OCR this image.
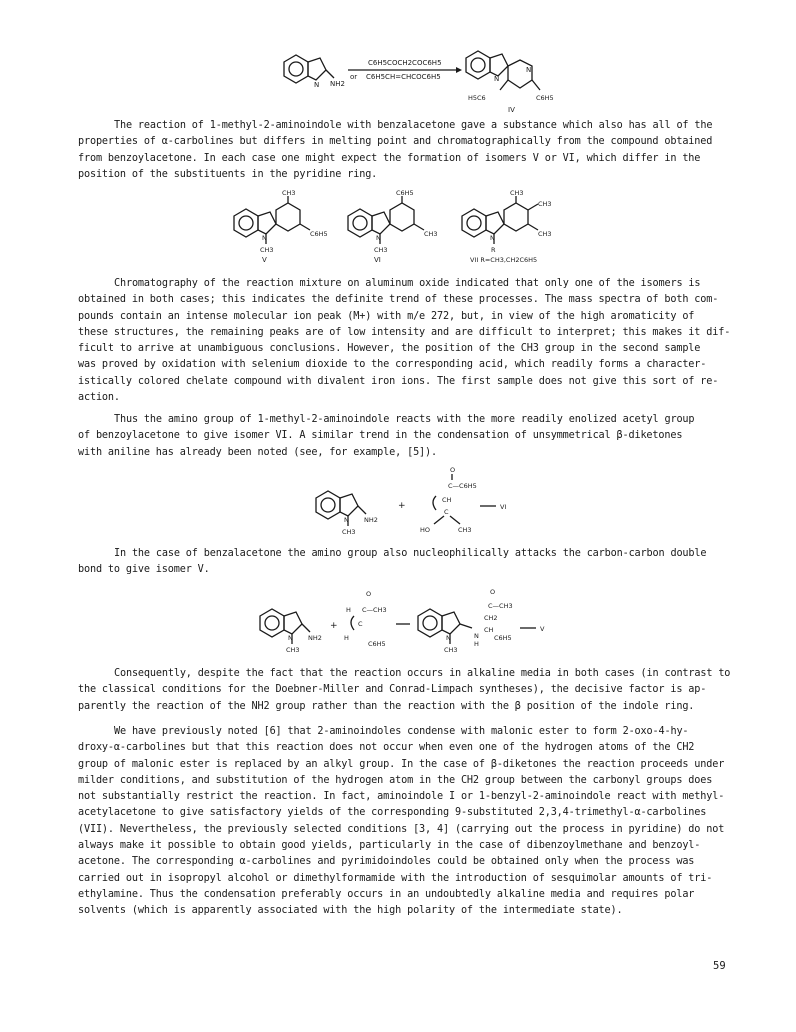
NH2
N
C6H5COCH2COC6H5
or C6H5CH=CHCOC6H5	N
N
H5C6	C6H5
IV

The reaction of 1-methyl-2-aminoindole with benzalacetone gave a substance which also has all of the
properties of α-carbolines but differs in melting point and chromatographically from the compound obtained
from benzoylacetone. In each case one might expect the formation of isomers V or VI, which differ in the
position of the substituents in the pyridine ring.

CH3
C6H5
N
CH3
V
C6H5
CH3
N
CH3
VI
CH3
CH3
CH3
N
R
VII R=CH3,CH2C6H5

Chromatography of the reaction mixture on aluminum oxide indicated that only one of the isomers is
obtained in both cases; this indicates the definite trend of these processes. The mass spectra of both com-
pounds contain an intense molecular ion peak (M+) with m/e 272, but, in view of the high aromaticity of
these structures, the remaining peaks are of low intensity and are difficult to interpret; this makes it dif-
ficult to arrive at unambiguous conclusions. However, the position of the CH3 group in the second sample
was proved by oxidation with selenium dioxide to the corresponding acid, which readily forms a character-
istically colored chelate compound with divalent iron ions. The first sample does not give this sort of re-
action.

Thus the amino group of 1-methyl-2-aminoindole reacts with the more readily enolized acetyl group
of benzoylacetone to give isomer VI. A similar trend in the condensation of unsymmetrical β-diketones
with aniline has already been noted (see, for example, [5]).

NH2
N
CH3
+
O
C—C6H5
CH
C
HO	CH3
VI

In the case of benzalacetone the amino group also nucleophilically attacks the carbon-carbon double
bond to give isomer V.

NH2
N
CH3
+
O
H C—CH3
C
H
C6H5
N
CH3
O
C—CH3
CH2
CH
N
H
C6H5
V

Consequently, despite the fact that the reaction occurs in alkaline media in both cases (in contrast to
the classical conditions for the Doebner-Miller and Conrad-Limpach syntheses), the decisive factor is ap-
parently the reaction of the NH2 group rather than the reaction with the β position of the indole ring.

We have previously noted [6] that 2-aminoindoles condense with malonic ester to form 2-oxo-4-hy-
droxy-α-carbolines but that this reaction does not occur when even one of the hydrogen atoms of the CH2
group of malonic ester is replaced by an alkyl group. In the case of β-diketones the reaction proceeds under
milder conditions, and substitution of the hydrogen atom in the CH2 group between the carbonyl groups does
not substantially restrict the reaction. In fact, aminoindole I or 1-benzyl-2-aminoindole react with methyl-
acetylacetone to give satisfactory yields of the corresponding 9-substituted 2,3,4-trimethyl-α-carbolines
(VII). Nevertheless, the previously selected conditions [3, 4] (carrying out the process in pyridine) do not
always make it possible to obtain good yields, particularly in the case of dibenzoylmethane and benzoyl-
acetone. The corresponding α-carbolines and pyrimidoindoles could be obtained only when the process was
carried out in isopropyl alcohol or dimethylformamide with the introduction of sesquimolar amounts of tri-
ethylamine. Thus the condensation preferably occurs in an undoubtedly alkaline media and requires polar
solvents (which is apparently associated with the high polarity of the intermediate state).

59
